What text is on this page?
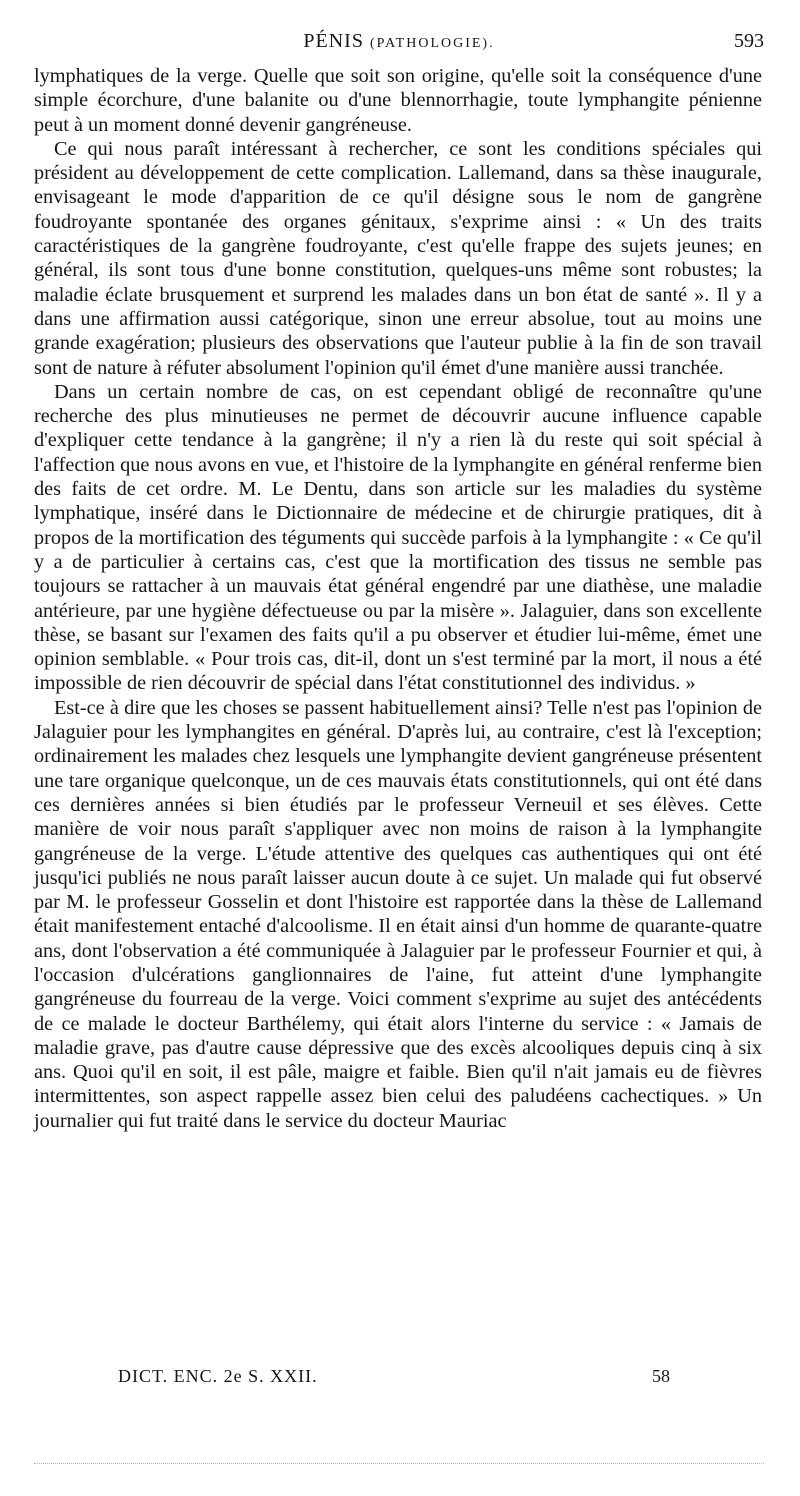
PÉNIS (PATHOLOGIE).	593

lymphatiques de la verge. Quelle que soit son origine, qu'elle soit la conséquence d'une simple écorchure, d'une balanite ou d'une blennorrhagie, toute lymphangite pénienne peut à un moment donné devenir gangréneuse.

Ce qui nous paraît intéressant à rechercher, ce sont les conditions spéciales qui président au développement de cette complication. Lallemand, dans sa thèse inaugurale, envisageant le mode d'apparition de ce qu'il désigne sous le nom de gangrène foudroyante spontanée des organes génitaux, s'exprime ainsi : « Un des traits caractéristiques de la gangrène foudroyante, c'est qu'elle frappe des sujets jeunes; en général, ils sont tous d'une bonne constitution, quelques-uns même sont robustes; la maladie éclate brusquement et surprend les malades dans un bon état de santé ». Il y a dans une affirmation aussi catégorique, sinon une erreur absolue, tout au moins une grande exagération; plusieurs des observations que l'auteur publie à la fin de son travail sont de nature à réfuter absolument l'opinion qu'il émet d'une manière aussi tranchée.

Dans un certain nombre de cas, on est cependant obligé de reconnaître qu'une recherche des plus minutieuses ne permet de découvrir aucune influence capable d'expliquer cette tendance à la gangrène; il n'y a rien là du reste qui soit spécial à l'affection que nous avons en vue, et l'histoire de la lymphangite en général renferme bien des faits de cet ordre. M. Le Dentu, dans son article sur les maladies du système lymphatique, inséré dans le Dictionnaire de médecine et de chirurgie pratiques, dit à propos de la mortification des téguments qui succède parfois à la lymphangite : « Ce qu'il y a de particulier à certains cas, c'est que la mortification des tissus ne semble pas toujours se rattacher à un mauvais état général engendré par une diathèse, une maladie antérieure, par une hygiène défectueuse ou par la misère ». Jalaguier, dans son excellente thèse, se basant sur l'examen des faits qu'il a pu observer et étudier lui-même, émet une opinion semblable. « Pour trois cas, dit-il, dont un s'est terminé par la mort, il nous a été impossible de rien découvrir de spécial dans l'état constitutionnel des individus. »

Est-ce à dire que les choses se passent habituellement ainsi? Telle n'est pas l'opinion de Jalaguier pour les lymphangites en général. D'après lui, au contraire, c'est là l'exception; ordinairement les malades chez lesquels une lymphangite devient gangréneuse présentent une tare organique quelconque, un de ces mauvais états constitutionnels, qui ont été dans ces dernières années si bien étudiés par le professeur Verneuil et ses élèves. Cette manière de voir nous paraît s'appliquer avec non moins de raison à la lymphangite gangréneuse de la verge. L'étude attentive des quelques cas authentiques qui ont été jusqu'ici publiés ne nous paraît laisser aucun doute à ce sujet. Un malade qui fut observé par M. le professeur Gosselin et dont l'histoire est rapportée dans la thèse de Lallemand était manifestement entaché d'alcoolisme. Il en était ainsi d'un homme de quarante-quatre ans, dont l'observation a été communiquée à Jalaguier par le professeur Fournier et qui, à l'occasion d'ulcérations ganglionnaires de l'aine, fut atteint d'une lymphangite gangréneuse du fourreau de la verge. Voici comment s'exprime au sujet des antécédents de ce malade le docteur Barthélemy, qui était alors l'interne du service : « Jamais de maladie grave, pas d'autre cause dépressive que des excès alcooliques depuis cinq à six ans. Quoi qu'il en soit, il est pâle, maigre et faible. Bien qu'il n'ait jamais eu de fièvres intermittentes, son aspect rappelle assez bien celui des paludéens cachectiques. » Un journalier qui fut traité dans le service du docteur Mauriac

DICT. ENC. 2e S. XXII.	58
